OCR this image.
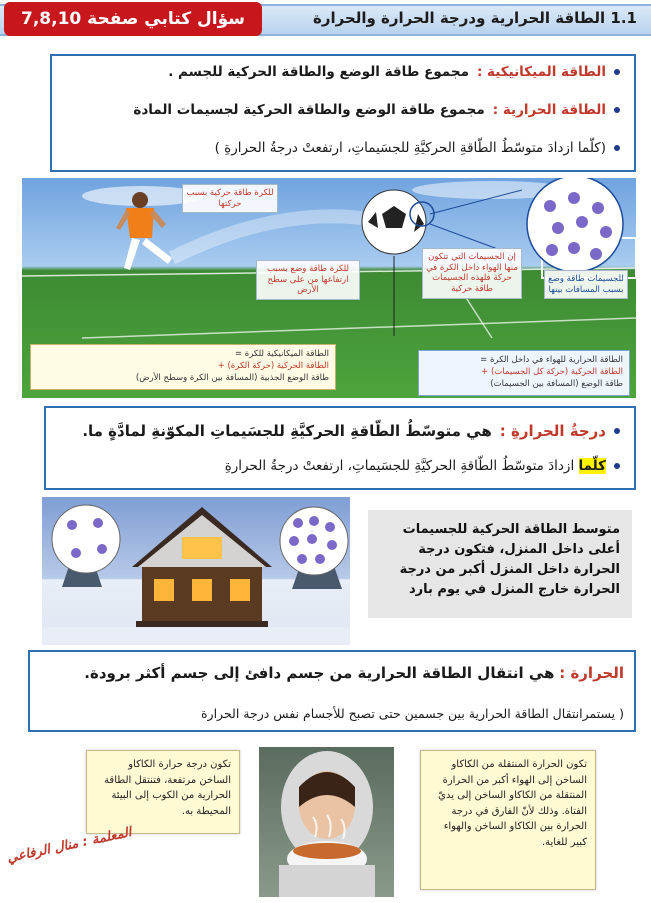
1.1 الطاقة الحرارية ودرجة الحرارة والحرارة
سؤال كتابي صفحة 7,8,10
الطاقة الميكانيكية :
مجموع طاقة الوضع والطاقة الحركية للجسم .
الطاقة الحرارية :
مجموع طاقة الوضع والطاقة الحركية لجسيمات المادة
(كلّما ازدادَ متوسّطُ الطّاقةِ الحركيَّةِ للجسَيماتِ، ارتفعتْ درجةُ الحرارةِ )
للكرة طاقة حركية بسبب حركتها
للكرة طاقة وضع بسبب ارتفاعها من على سطح الأرض
إن الجسيمات التي تتكون منها الهواء داخل الكرة في حركة فلهذه الجسيمات طاقة حركية
للجسيمات طاقة وضع بسبب المسافات بينها
الطاقة الميكانيكية للكرة =
الطاقة الحركية (حركة الكرة) +
طاقة الوضع الجذبية (المسافة بين الكرة وسطح الأرض)
الطاقة الحرارية للهواء في داخل الكرة =
الطاقة الحركية (حركة كل الجسيمات) +
طاقة الوضع (المسافة بين الجسيمات)
درجةُ الحرارةِ :
هي متوسّطُ الطّاقةِ الحركيَّةِ للجسَيماتِ المكوّنةِ لمادَّةٍ ما.
كلّما ازدادَ متوسّطُ الطّاقةِ الحركيَّةِ للجسَيماتِ، ارتفعتْ درجةُ الحرارةِ
متوسط الطاقة الحركية للجسيمات أعلى داخل المنزل، فتكون درجة الحرارة داخل المنزل أكبر من درجة الحرارة خارج المنزل في يوم بارد
الحرارة : هي انتقال الطاقة الحرارية من جسم دافئ إلى جسم أكثر برودة.
( يستمرانتقال الطاقة الحرارية بين جسمين حتى تصبح للأجسام نفس درجة الحرارة
تكون درجة حرارة الكاكاو الساخن مرتفعة، فتنتقل الطاقة الحرارية من الكوب إلى البيئة المحيطة به.
تكون الحرارة المنتقلة من الكاكاو الساخن إلى الهواء أكبر من الحرارة المنتقلة من الكاكاو الساخن إلى يديّ الفتاة. وذلك لأنّ الفارق في درجة الحرارة بين الكاكاو الساخن والهواء كبير للغاية.
المعلمة : منال الرفاعي
